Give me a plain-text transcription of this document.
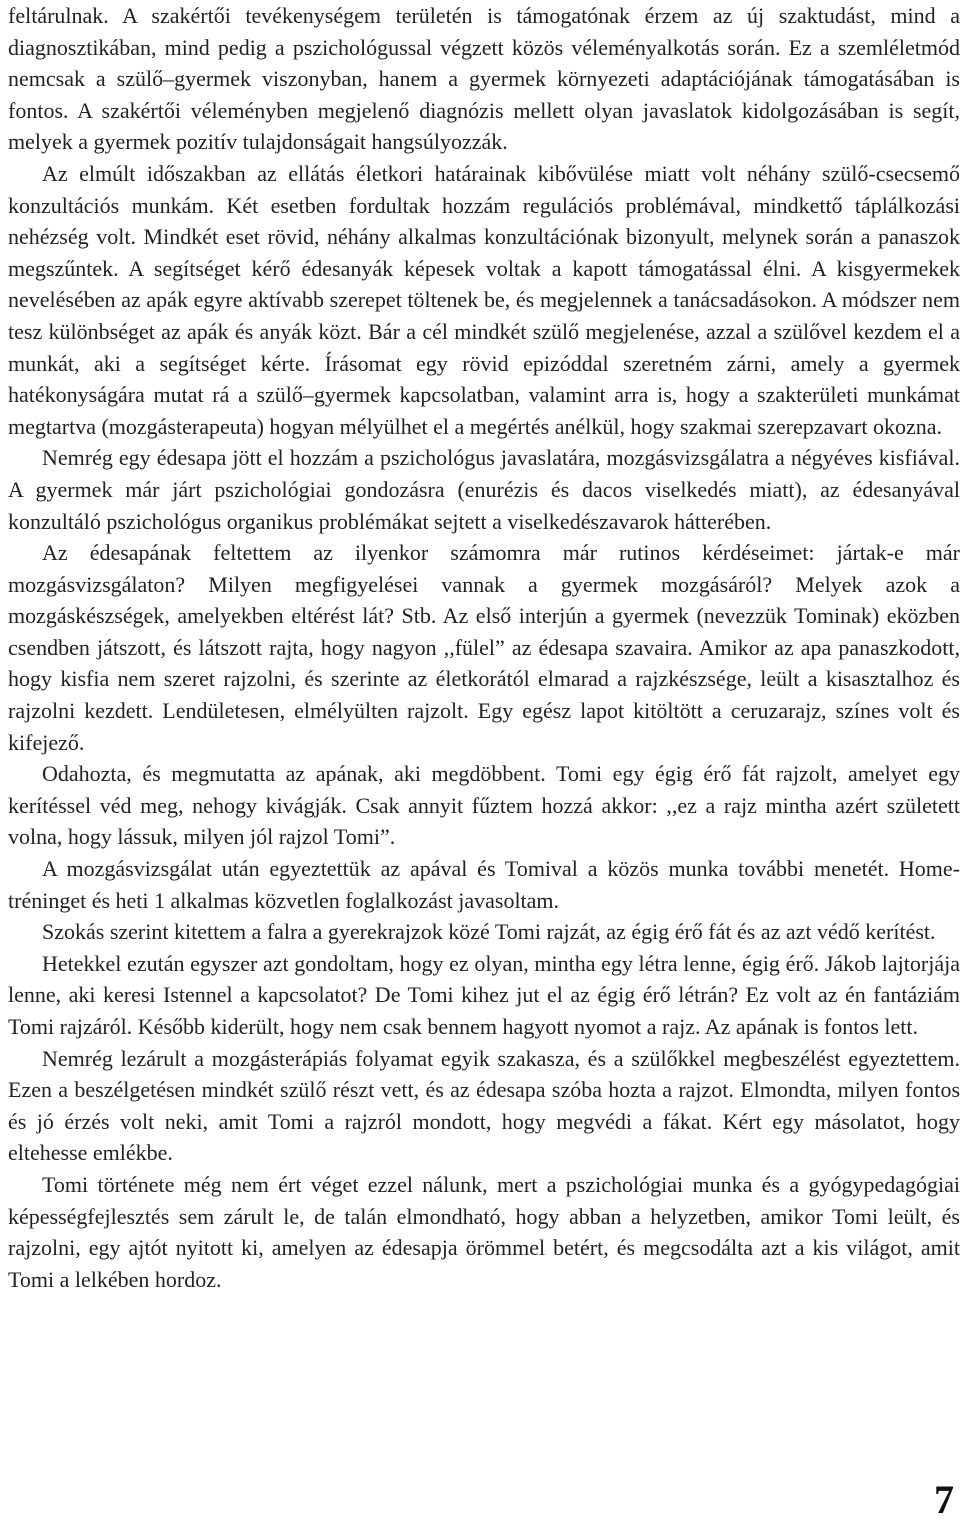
feltárulnak. A szakértői tevékenységem területén is támogatónak érzem az új szaktudást, mind a diagnosztikában, mind pedig a pszichológussal végzett közös véleményalkotás során. Ez a szemléletmód nemcsak a szülő–gyermek viszonyban, hanem a gyermek környezeti adaptációjának támogatásában is fontos. A szakértői véleményben megjelenő diagnózis mellett olyan javaslatok kidolgozásában is segít, melyek a gyermek pozitív tulajdonságait hangsúlyozzák.

Az elmúlt időszakban az ellátás életkori határainak kibővülése miatt volt néhány szülő-csecsemő konzultációs munkám. Két esetben fordultak hozzám regulációs problémával, mindkettő táplálkozási nehézség volt. Mindkét eset rövid, néhány alkalmas konzultációnak bizonyult, melynek során a panaszok megszűntek. A segítséget kérő édesanyák képesek voltak a kapott támogatással élni. A kisgyermekek nevelésében az apák egyre aktívabb szerepet töltenek be, és megjelennek a tanácsadásokon. A módszer nem tesz különbséget az apák és anyák közt. Bár a cél mindkét szülő megjelenése, azzal a szülővel kezdem el a munkát, aki a segítséget kérte. Írásomat egy rövid epizóddal szeretném zárni, amely a gyermek hatékonyságára mutat rá a szülő–gyermek kapcsolatban, valamint arra is, hogy a szakterületi munkámat megtartva (mozgásterapeuta) hogyan mélyülhet el a megértés anélkül, hogy szakmai szerepzavart okozna.

Nemrég egy édesapa jött el hozzám a pszichológus javaslatára, mozgásvizsgálatra a négyéves kisfiával. A gyermek már járt pszichológiai gondozásra (enurézis és dacos viselkedés miatt), az édesanyával konzultáló pszichológus organikus problémákat sejtett a viselkedészavarok hátterében.

Az édesapának feltettem az ilyenkor számomra már rutinos kérdéseimet: jártak-e már mozgásvizsgálaton? Milyen megfigyelései vannak a gyermek mozgásáról? Melyek azok a mozgáskészségek, amelyekben eltérést lát? Stb. Az első interjún a gyermek (nevezzük Tominak) eközben csendben játszott, és látszott rajta, hogy nagyon ,,fülel” az édesapa szavaira. Amikor az apa panaszkodott, hogy kisfia nem szeret rajzolni, és szerinte az életkorától elmarad a rajzkészsége, leült a kisasztalhoz és rajzolni kezdett. Lendületesen, elmélyülten rajzolt. Egy egész lapot kitöltött a ceruzarajz, színes volt és kifejező.

Odahozta, és megmutatta az apának, aki megdöbbent. Tomi egy égig érő fát rajzolt, amelyet egy kerítéssel véd meg, nehogy kivágják. Csak annyit fűztem hozzá akkor: ,,ez a rajz mintha azért született volna, hogy lássuk, milyen jól rajzol Tomi”.

A mozgásvizsgálat után egyeztettük az apával és Tomival a közös munka további menetét. Home-tréninget és heti 1 alkalmas közvetlen foglalkozást javasoltam.

Szokás szerint kitettem a falra a gyerekrajzok közé Tomi rajzát, az égig érő fát és az azt védő kerítést.

Hetekkel ezután egyszer azt gondoltam, hogy ez olyan, mintha egy létra lenne, égig érő. Jákob lajtorjája lenne, aki keresi Istennel a kapcsolatot? De Tomi kihez jut el az égig érő létrán? Ez volt az én fantáziám Tomi rajzáról. Később kiderült, hogy nem csak bennem hagyott nyomot a rajz. Az apának is fontos lett.

Nemrég lezárult a mozgásterápiás folyamat egyik szakasza, és a szülőkkel megbeszélést egyeztettem. Ezen a beszélgetésen mindkét szülő részt vett, és az édesapa szóba hozta a rajzot. Elmondta, milyen fontos és jó érzés volt neki, amit Tomi a rajzról mondott, hogy megvédi a fákat. Kért egy másolatot, hogy eltehesse emlékbe.

Tomi története még nem ért véget ezzel nálunk, mert a pszichológiai munka és a gyógypedagógiai képességfejlesztés sem zárult le, de talán elmondható, hogy abban a helyzetben, amikor Tomi leült, és rajzolni, egy ajtót nyitott ki, amelyen az édesapja örömmel betért, és megcsodálta azt a kis világot, amit Tomi a lelkében hordoz.

7
